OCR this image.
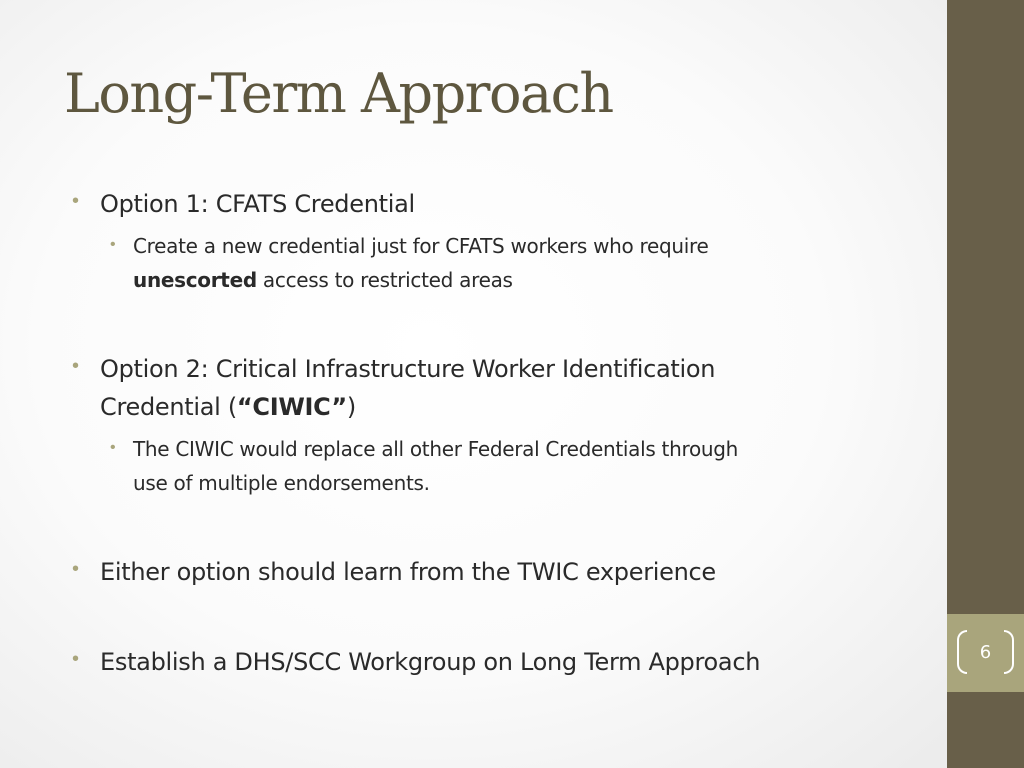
Long-Term Approach
• Option 1: CFATS Credential
• Create a new credential just for CFATS workers who require
unescorted access to restricted areas
• Option 2: Critical Infrastructure Worker Identification
Credential (“CIWIC”)
• The CIWIC would replace all other Federal Credentials through
use of multiple endorsements.
• Either option should learn from the TWIC experience
• Establish a DHS/SCC Workgroup on Long Term Approach	6
